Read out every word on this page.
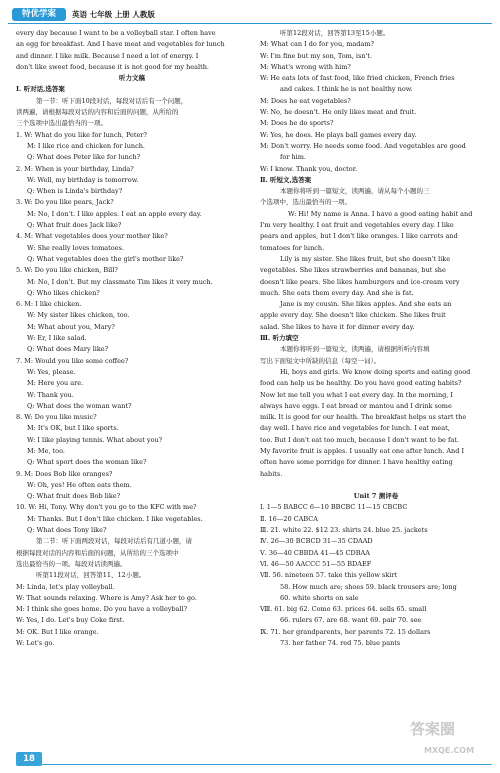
特优学案	英语 七年级 上册 人教版
every day because I want to be a volleyball star. I often have
an egg for breakfast. And I have meat and vegetables for lunch
and dinner. I like milk. Because I need a lot of energy. I
don't like sweet food, because it is not good for my health.
听力文稿
Ⅰ. 听对话,选答案
第一节：听下面10段对话，每段对话后有一个问题，
读两遍，请根据每段对话的内容和后面的问题，从所给的
三个选项中选出最恰当的一项。
1. W: What do you like for lunch, Peter?
M: I like rice and chicken for lunch.
Q: What does Peter like for lunch?
2. M: When is your birthday, Linda?
W: Well, my birthday is tomorrow.
Q: When is Linda's birthday?
3. W: Do you like pears, Jack?
M: No, I don't. I like apples. I eat an apple every day.
Q: What fruit does Jack like?
4. M: What vegetables does your mother like?
W: She really loves tomatoes.
Q: What vegetables does the girl's mother like?
5. W: Do you like chicken, Bill?
M: No, I don't. But my classmate Tim likes it very much.
Q: Who likes chicken?
6. M: I like chicken.
W: My sister likes chicken, too.
M: What about you, Mary?
W: Er, I like salad.
Q: What does Mary like?
7. M: Would you like some coffee?
W: Yes, please.
M: Here you are.
W: Thank you.
Q: What does the woman want?
8. W: Do you like music?
M: It's OK, but I like sports.
W: I like playing tennis. What about you?
M: Me, too.
Q: What sport does the woman like?
9. M: Does Bob like oranges?
W: Oh, yes! He often eats them.
Q: What fruit does Bob like?
10. W: Hi, Tony. Why don't you go to the KFC with me?
M: Thanks. But I don't like chicken. I like vegetables.
Q: What does Tony like?
第二节：听下面两段对话，每段对话后有几道小题，请
根据每段对话的内容和后面的问题，从所给的三个选项中
选出最恰当的一项。每段对话读两遍。
听第11段对话，回答第11、12小题。
M: Linda, let's play volleyball.
W: That sounds relaxing. Where is Amy? Ask her to go.
M: I think she goes home. Do you have a volleyball?
W: Yes, I do. Let's buy Coke first.
M: OK. But I like orange.
W: Let's go.
听第12段对话，回答第13至15小题。
M: What can I do for you, madam?
W: I'm fine but my son, Tom, isn't.
M: What's wrong with him?
W: He eats lots of fast food, like fried chicken, French fries
and cakes. I think he is not healthy now.
M: Does he eat vegetables?
W: No, he doesn't. He only likes meat and fruit.
M: Does he do sports?
W: Yes, he does. He plays ball games every day.
M: Don't worry. He needs some food. And vegetables are good
for him.
W: I know. Thank you, doctor.
Ⅱ. 听短文,选答案
本题你将听到一篇短文，读两遍，请从每个小题的三
个选项中，选出最恰当的一项。
W: Hi! My name is Anna. I have a good eating habit and
I'm very healthy. I eat fruit and vegetables every day. I like
pears and apples, but I don't like oranges. I like carrots and
tomatoes for lunch.
Lily is my sister. She likes fruit, but she doesn't like
vegetables. She likes strawberries and bananas, but she
doesn't like pears. She likes hamburgers and ice-cream very
much. She eats them every day. And she is fat.
Jane is my cousin. She likes apples. And she eats an
apple every day. She doesn't like chicken. She likes fruit
salad. She likes to have it for dinner every day.
Ⅲ. 听力填空
本题你将听到一篇短文，读两遍，请根据所听内容填
写出下面短文中所缺的信息（每空一词）。
Hi, boys and girls. We know doing sports and eating good
food can help us be healthy. Do you have good eating habits?
Now let me tell you what I eat every day. In the morning, I
always have eggs. I eat bread or mantou and I drink some
milk. It is good for our health. The breakfast helps us start the
day well. I have rice and vegetables for lunch. I eat meat,
too. But I don't eat too much, because I don't want to be fat.
My favorite fruit is apples. I usually eat one after lunch. And I
often have some porridge for dinner. I have healthy eating
habits.
Unit 7 测评卷
Ⅰ. 1—5 BABCC 6—10 BBCBC 11—15 CBCBC
Ⅱ. 16—20 CABCA
Ⅲ. 21. white 22. $12 23. shirts 24. blue 25. jackets
Ⅳ. 26—30 BCBCD 31—35 CDAAD
Ⅴ. 36—40 CBBDA 41—45 CDBAA
Ⅵ. 46—50 AACCC 51—55 BDAEF
Ⅶ. 56. nineteen 57. take this yellow skirt
58. How much are; shoes 59. black trousers are; long
60. white shorts on sale
Ⅷ. 61. big 62. Come 63. prices 64. sells 65. small
66. rulers 67. are 68. want 69. pair 70. see
Ⅸ. 71. her grandparents, her parents 72. 15 dollars
73. her father 74. red 75. blue pants
18
答案圈
MXQE.COM
